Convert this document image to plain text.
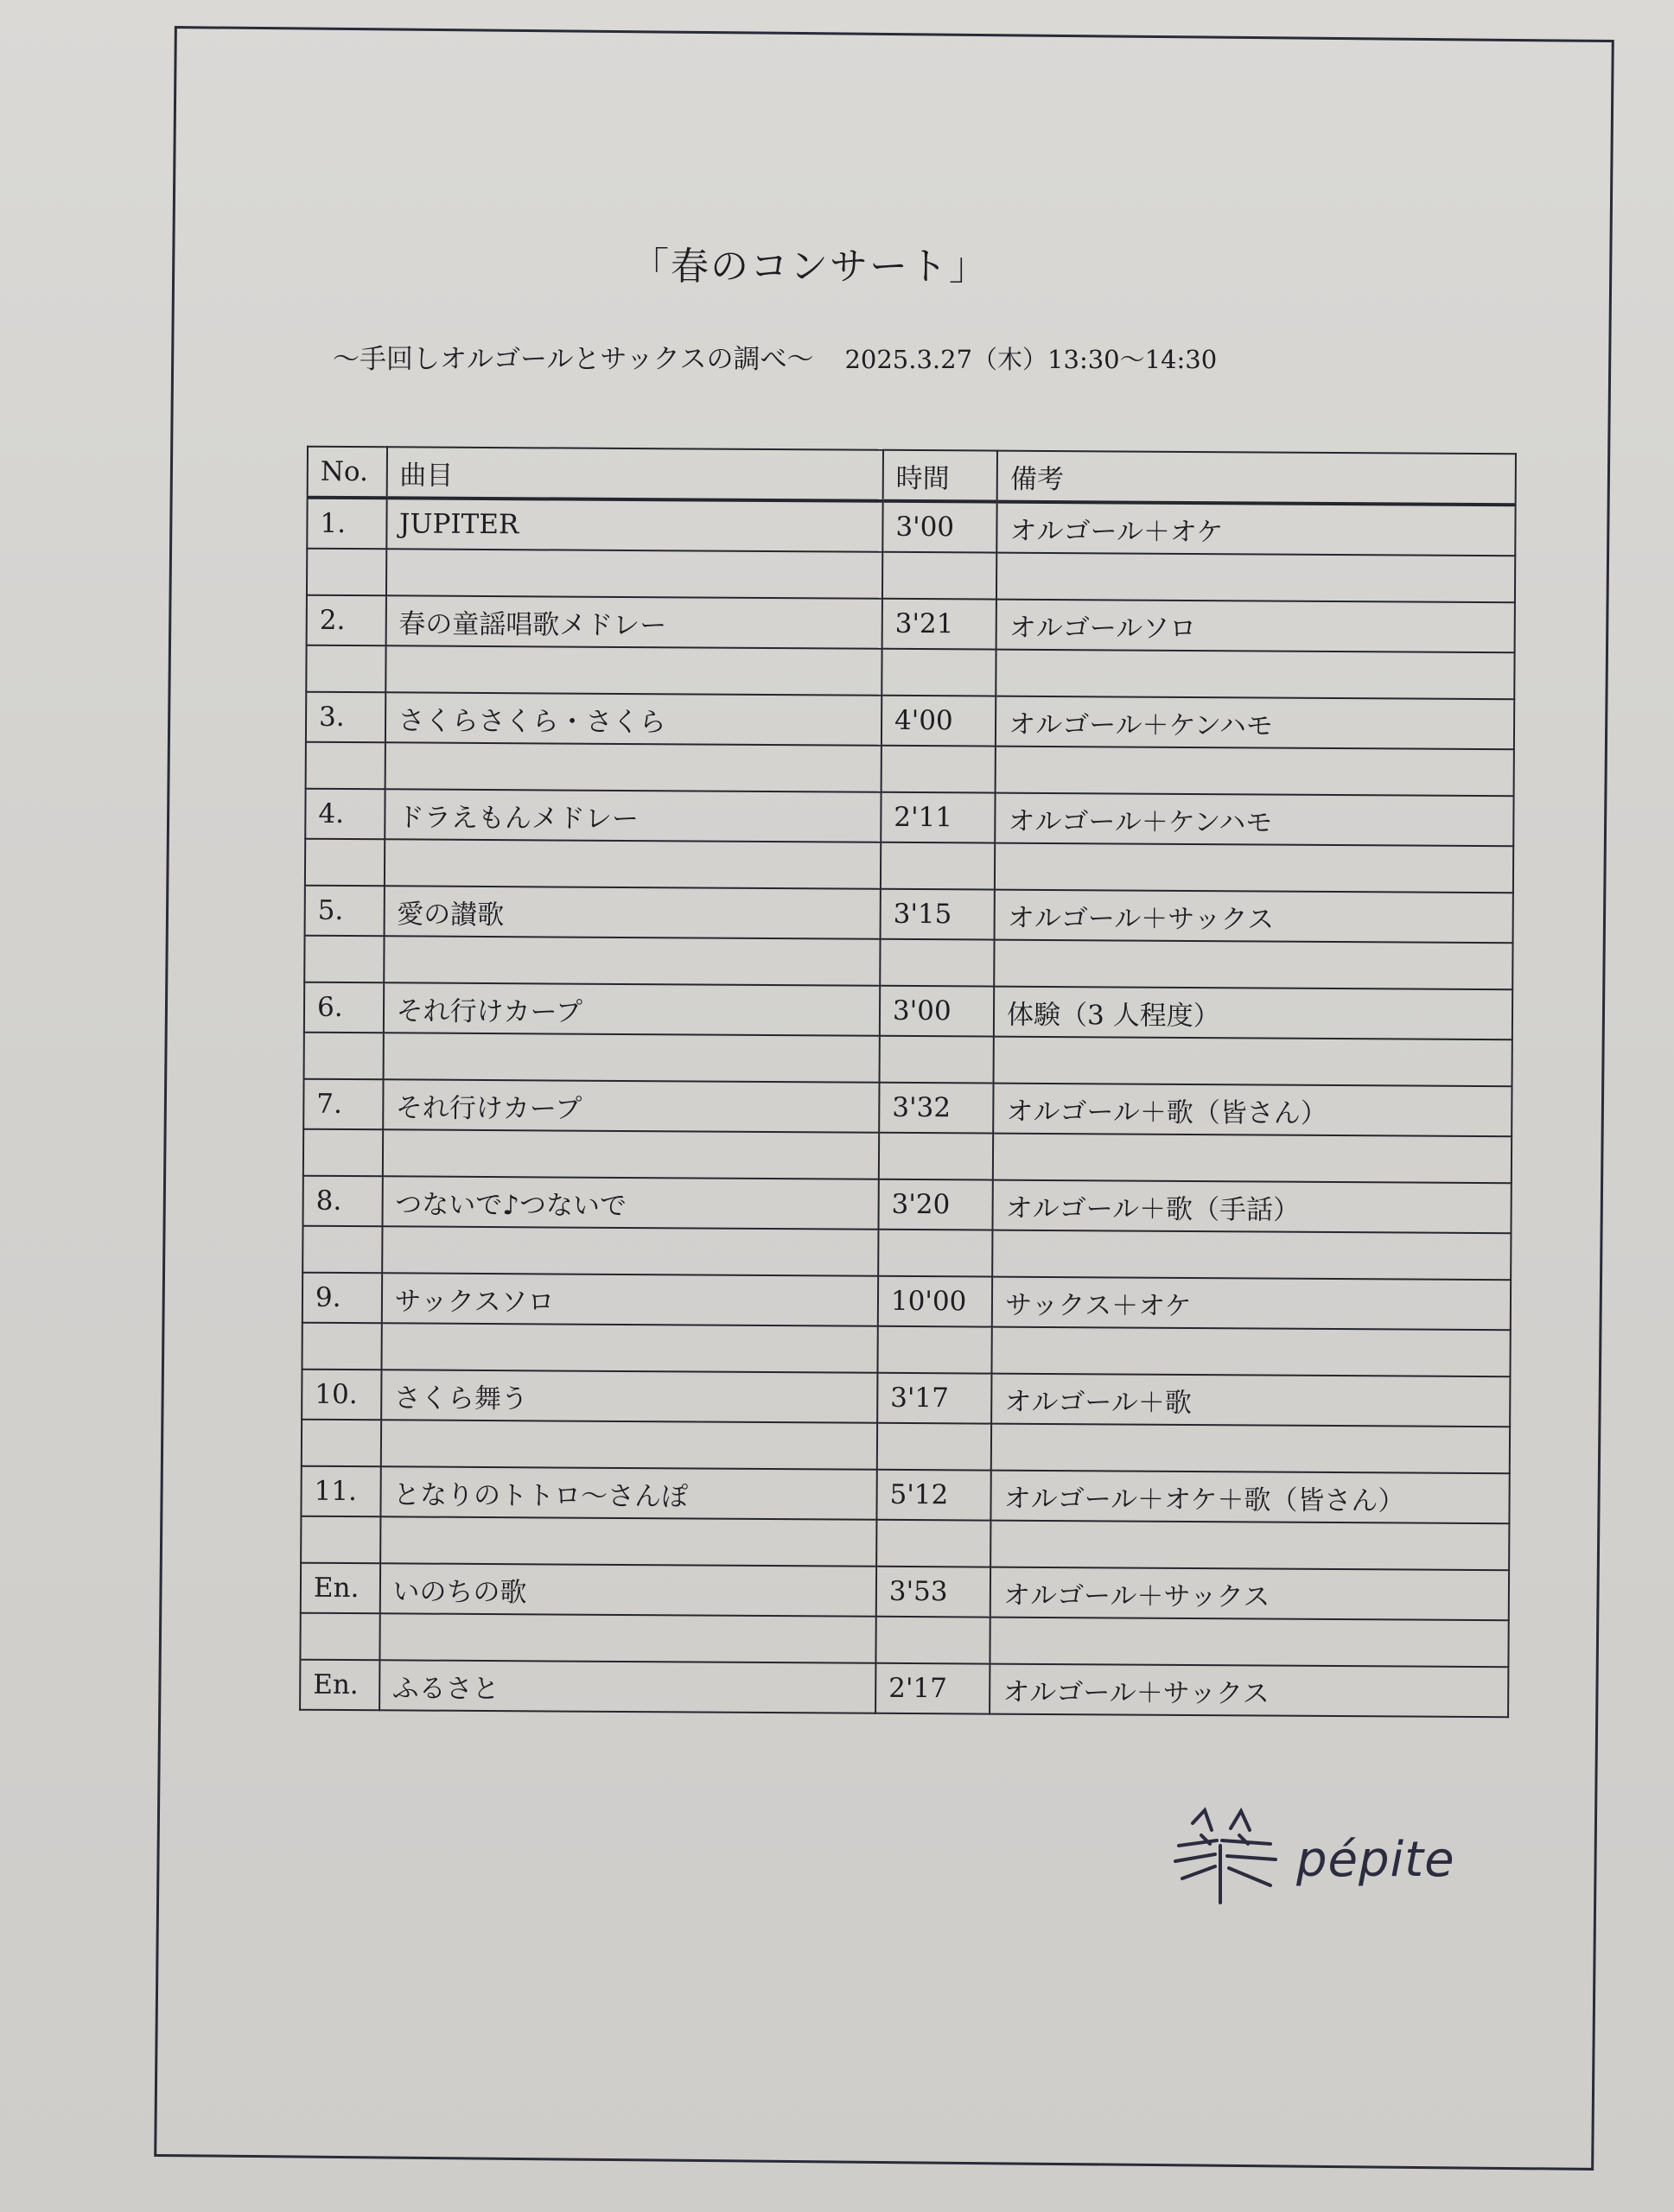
「春のコンサート」
～手回しオルゴールとサックスの調べ～ 2025.3.27（木）13:30～14:30
No.	曲目	時間	備考
1.	JUPITER	3'00	オルゴール＋オケ

2.	春の童謡唱歌メドレー	3'21	オルゴールソロ

3.	さくらさくら・さくら	4'00	オルゴール＋ケンハモ

4.	ドラえもんメドレー	2'11	オルゴール＋ケンハモ

5.	愛の讃歌	3'15	オルゴール＋サックス

6.	それ行けカープ	3'00	体験（3 人程度）

7.	それ行けカープ	3'32	オルゴール＋歌（皆さん）

8.	つないで♪つないで	3'20	オルゴール＋歌（手話）

9.	サックスソロ	10'00	サックス＋オケ

10.	さくら舞う	3'17	オルゴール＋歌

11.	となりのトトロ～さんぽ	5'12	オルゴール＋オケ＋歌（皆さん）

En.	いのちの歌	3'53	オルゴール＋サックス

En.	ふるさと	2'17	オルゴール＋サックス
pépite
